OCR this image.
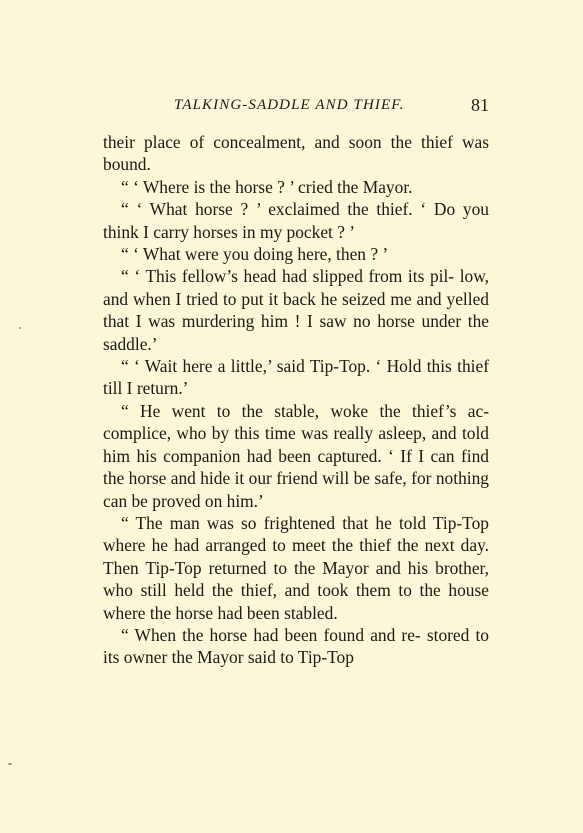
TALKING-SADDLE AND THIEF.	81

their place of concealment, and soon the thief was bound.

“ ‘ Where is the horse ? ’ cried the Mayor.

“ ‘ What horse ? ’ exclaimed the thief. ‘ Do you think I carry horses in my pocket ? ’

“ ‘ What were you doing here, then ? ’

“ ‘ This fellow’s head had slipped from its pil- low, and when I tried to put it back he seized me and yelled that I was murdering him ! I saw no horse under the saddle.’

“ ‘ Wait here a little,’ said Tip-Top. ‘ Hold this thief till I return.’

“ He went to the stable, woke the thief’s ac- complice, who by this time was really asleep, and told him his companion had been captured. ‘ If I can find the horse and hide it our friend will be safe, for nothing can be proved on him.’

“ The man was so frightened that he told Tip-Top where he had arranged to meet the thief the next day. Then Tip-Top returned to the Mayor and his brother, who still held the thief, and took them to the house where the horse had been stabled.

“ When the horse had been found and re- stored to its owner the Mayor said to Tip-Top
